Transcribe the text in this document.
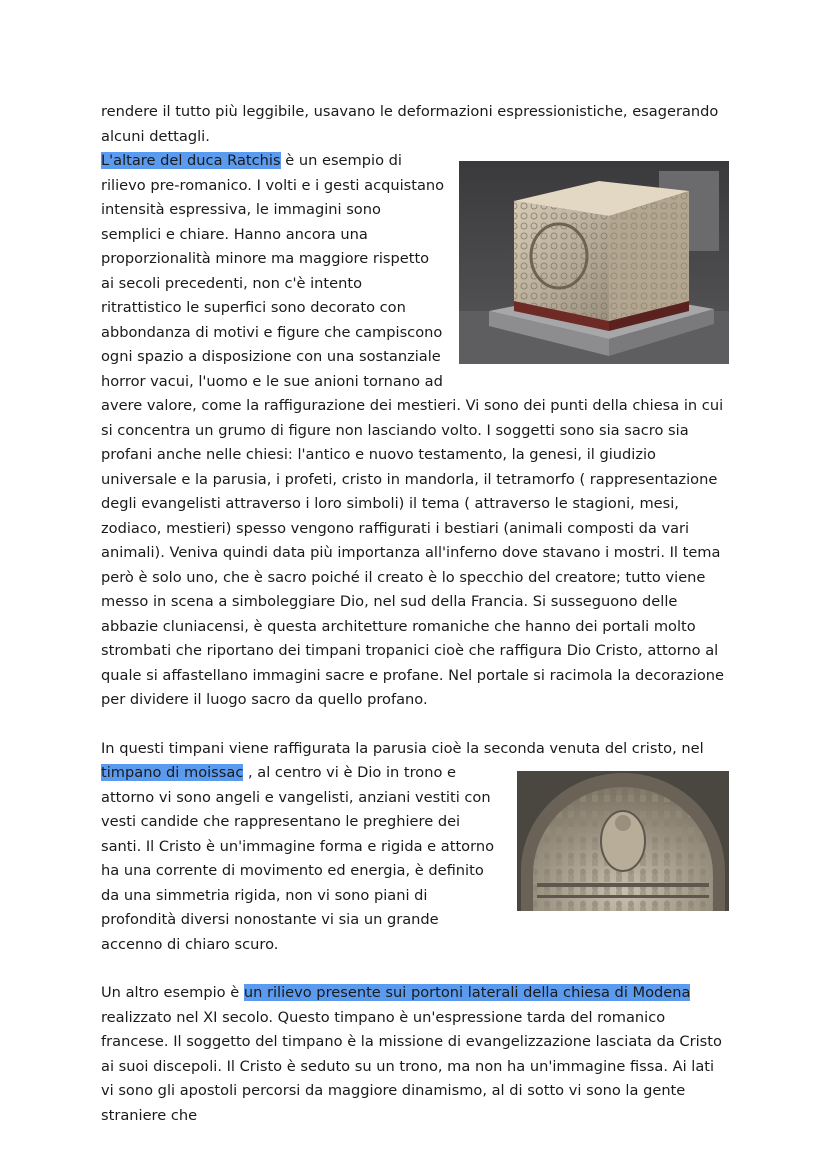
rendere il tutto più leggibile, usavano le deformazioni espressionistiche, esagerando alcuni dettagli.

L'altare del duca Ratchis
è un esempio di rilievo pre-romanico. I volti e i gesti acquistano intensità espressiva, le immagini sono semplici e chiare. Hanno ancora una proporzionalità minore ma maggiore rispetto ai secoli precedenti, non c'è intento ritrattistico le superfici sono decorato con abbondanza di motivi e figure che campiscono ogni spazio a disposizione con una sostanziale horror vacui, l'uomo e le sue anioni tornano ad avere valore, come la raffigurazione dei mestieri. Vi sono dei punti della chiesa in cui si concentra un grumo di figure non lasciando volto. I soggetti sono sia sacro sia profani anche nelle chiesi: l'antico e nuovo testamento, la genesi, il giudizio universale e la parusia, i profeti, cristo in mandorla, il tetramorfo ( rappresentazione degli evangelisti attraverso i loro simboli) il tema ( attraverso le stagioni, mesi, zodiaco, mestieri) spesso vengono raffigurati i bestiari (animali composti da vari animali). Veniva quindi data più importanza all'inferno dove stavano i mostri. Il tema però è solo uno, che è sacro poiché il creato è lo specchio del creatore; tutto viene messo in scena a simboleggiare Dio, nel sud della Francia. Si susseguono delle abbazie cluniacensi, è questa architetture romaniche che hanno dei portali molto strombati che riportano dei timpani tropanici cioè che raffigura Dio Cristo, attorno al quale si affastellano immagini sacre e profane. Nel portale si racimola la decorazione per dividere il luogo sacro da quello profano.

In questi timpani viene raffigurata la parusia cioè la seconda venuta del cristo, nel timpano di moissac , al centro vi è Dio in trono e attorno vi sono angeli e vangelisti, anziani vestiti con vesti candide che rappresentano le preghiere dei santi. Il Cristo è un'immagine forma e rigida e attorno ha una corrente di movimento ed energia, è definito da una simmetria rigida, non vi sono piani di profondità diversi nonostante vi sia un grande accenno di chiaro scuro.

Un altro esempio è un rilievo presente sui portoni laterali della chiesa di Modena realizzato nel XI secolo. Questo timpano è un'espressione tarda del romanico francese. Il soggetto del timpano è la missione di evangelizzazione lasciata da Cristo ai suoi discepoli. Il Cristo è seduto su un trono, ma non ha un'immagine fissa. Ai lati vi sono gli apostoli percorsi da maggiore dinamismo, al di sotto vi sono la gente straniere che
